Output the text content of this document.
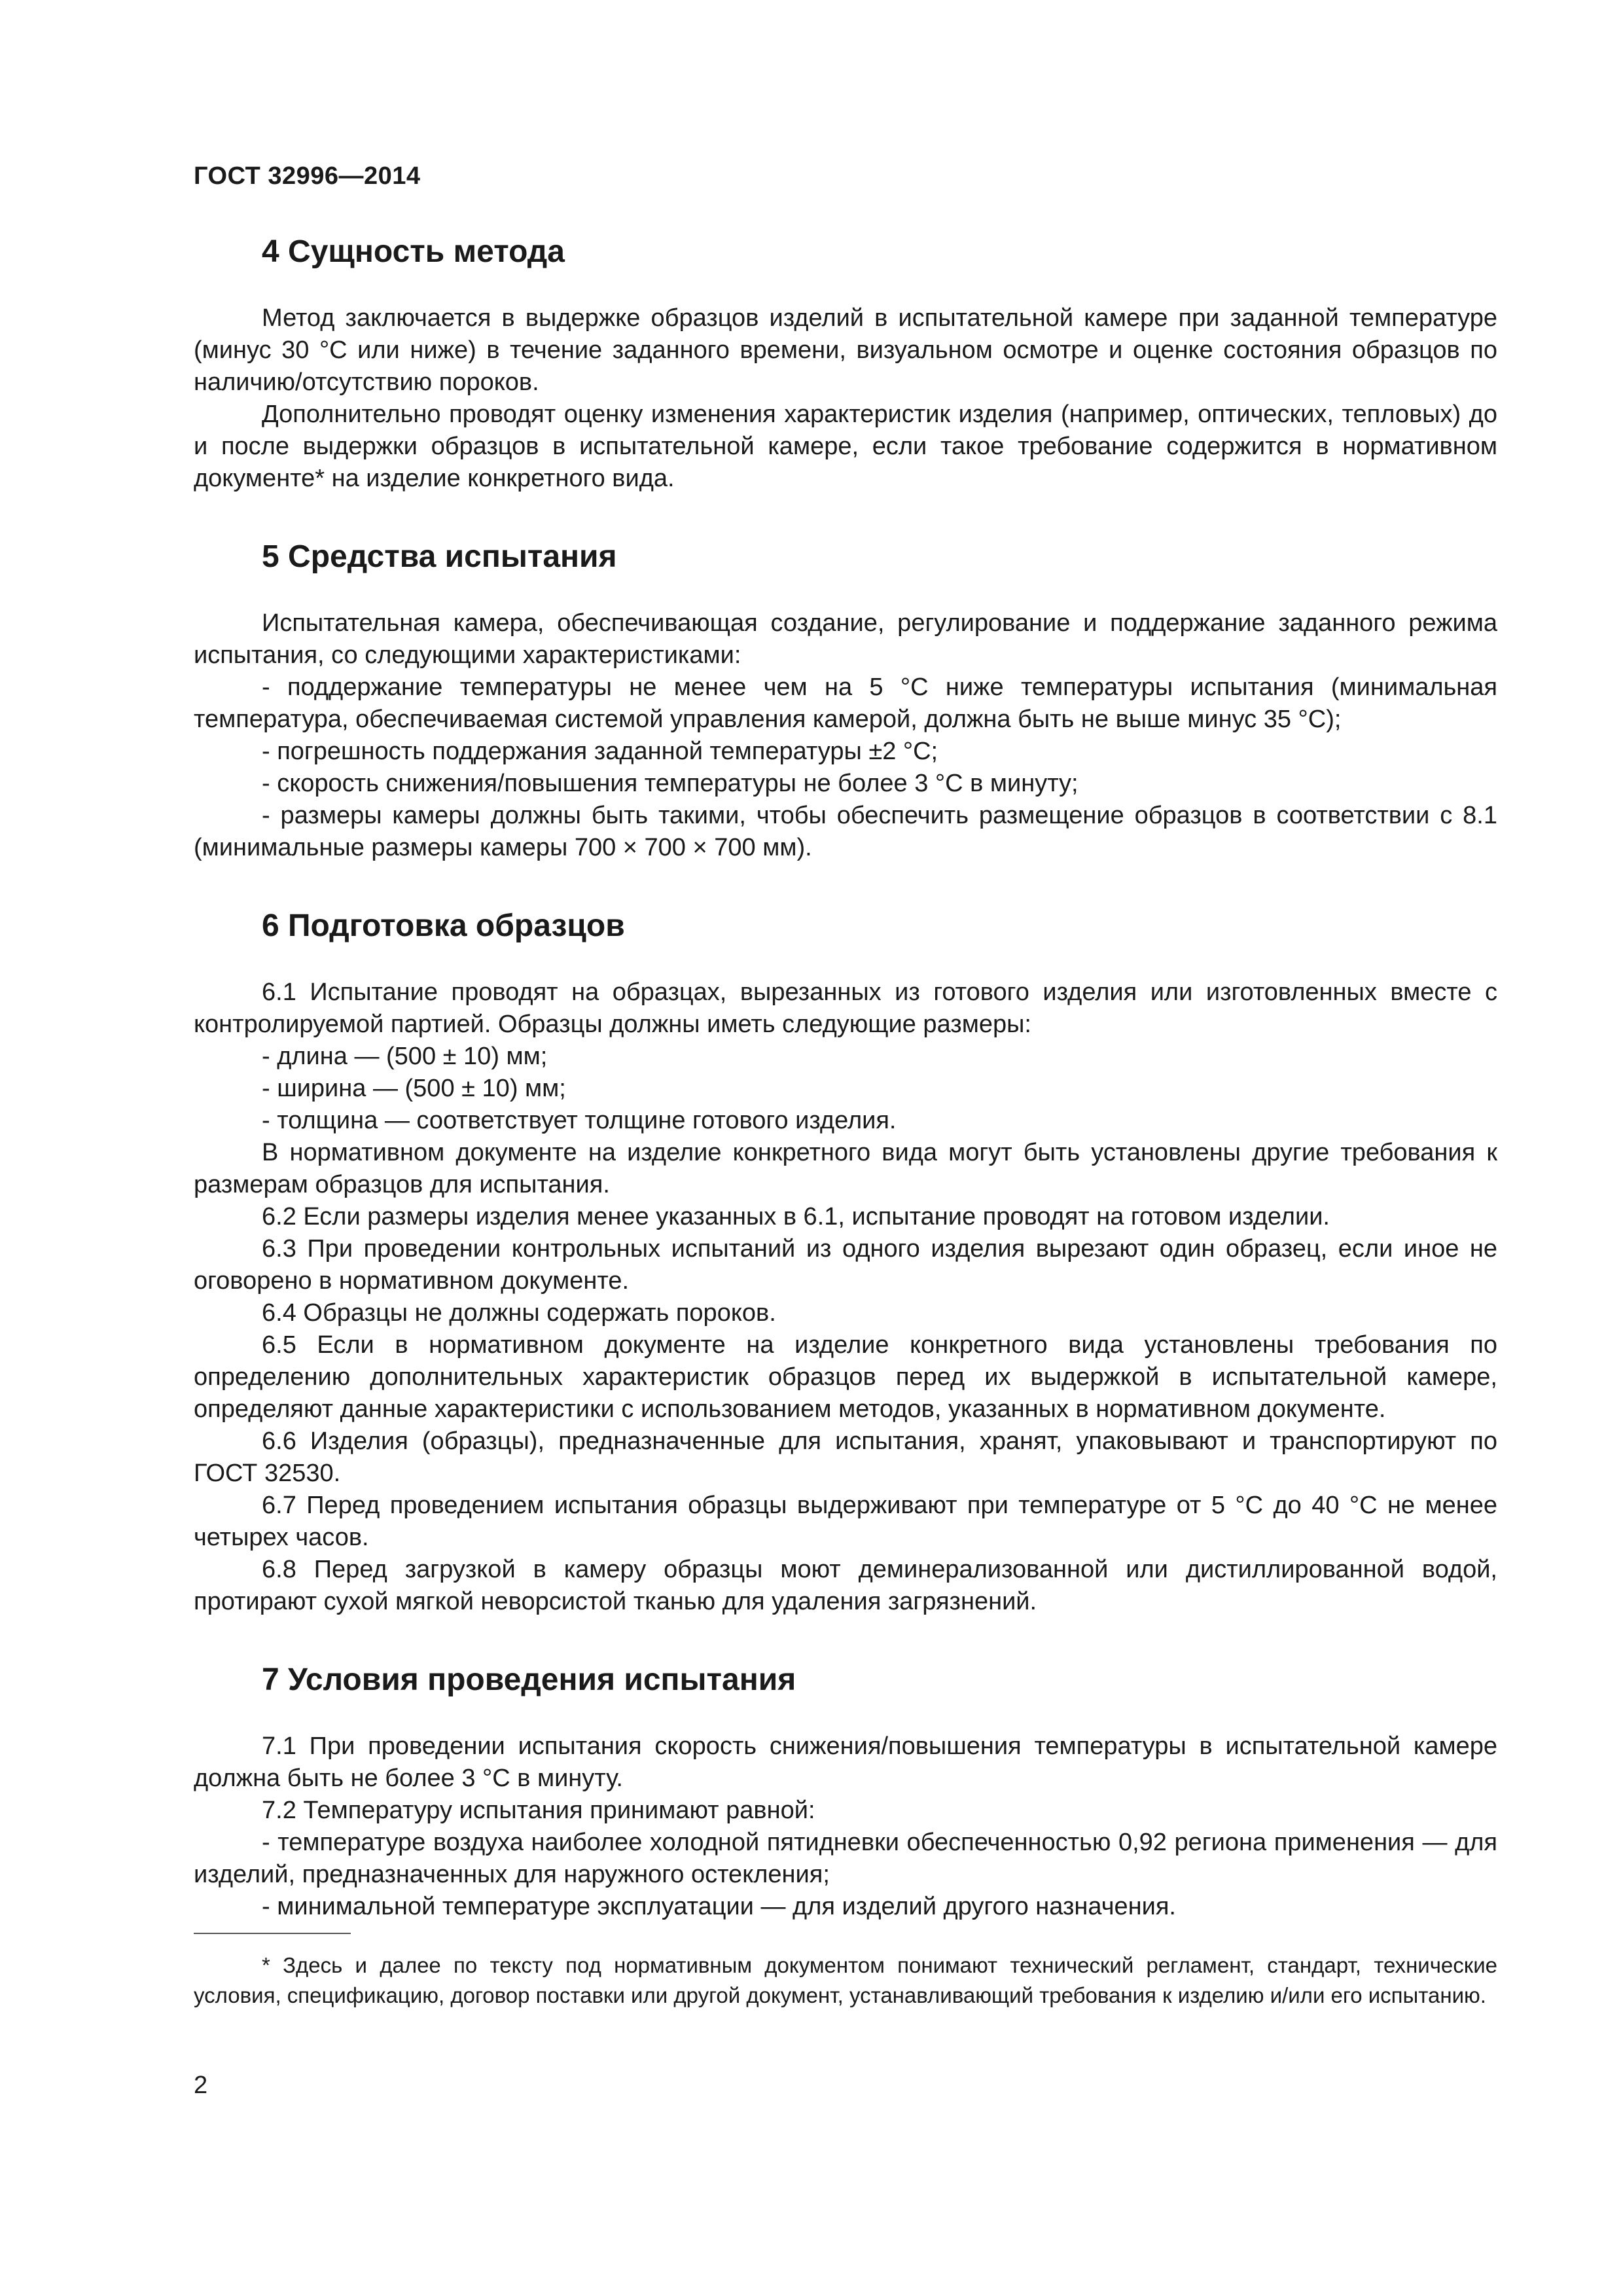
ГОСТ 32996—2014
4 Сущность метода

Метод заключается в выдержке образцов изделий в испытательной камере при заданной температуре (минус 30 °С или ниже) в течение заданного времени, визуальном осмотре и оценке состояния образцов по наличию/отсутствию пороков.

Дополнительно проводят оценку изменения характеристик изделия (например, оптических, тепловых) до и после выдержки образцов в испытательной камере, если такое требование содержится в нормативном документе* на изделие конкретного вида.

5 Средства испытания

Испытательная камера, обеспечивающая создание, регулирование и поддержание заданного режима испытания, со следующими характеристиками:

- поддержание температуры не менее чем на 5 °С ниже температуры испытания (минимальная температура, обеспечиваемая системой управления камерой, должна быть не выше минус 35 °С);

- погрешность поддержания заданной температуры ±2 °С;

- скорость снижения/повышения температуры не более 3 °С в минуту;

- размеры камеры должны быть такими, чтобы обеспечить размещение образцов в соответствии с 8.1 (минимальные размеры камеры 700 × 700 × 700 мм).

6 Подготовка образцов

6.1 Испытание проводят на образцах, вырезанных из готового изделия или изготовленных вместе с контролируемой партией. Образцы должны иметь следующие размеры:

- длина — (500 ± 10) мм;

- ширина — (500 ± 10) мм;

- толщина — соответствует толщине готового изделия.

В нормативном документе на изделие конкретного вида могут быть установлены другие требования к размерам образцов для испытания.

6.2 Если размеры изделия менее указанных в 6.1, испытание проводят на готовом изделии.

6.3 При проведении контрольных испытаний из одного изделия вырезают один образец, если иное не оговорено в нормативном документе.

6.4 Образцы не должны содержать пороков.

6.5 Если в нормативном документе на изделие конкретного вида установлены требования по определению дополнительных характеристик образцов перед их выдержкой в испытательной камере, определяют данные характеристики с использованием методов, указанных в нормативном документе.

6.6 Изделия (образцы), предназначенные для испытания, хранят, упаковывают и транспортируют по ГОСТ 32530.

6.7 Перед проведением испытания образцы выдерживают при температуре от 5 °С до 40 °С не менее четырех часов.

6.8 Перед загрузкой в камеру образцы моют деминерализованной или дистиллированной водой, протирают сухой мягкой неворсистой тканью для удаления загрязнений.

7 Условия проведения испытания

7.1 При проведении испытания скорость снижения/повышения температуры в испытательной камере должна быть не более 3 °С в минуту.

7.2 Температуру испытания принимают равной:

- температуре воздуха наиболее холодной пятидневки обеспеченностью 0,92 региона применения — для изделий, предназначенных для наружного остекления;

- минимальной температуре эксплуатации — для изделий другого назначения.

* Здесь и далее по тексту под нормативным документом понимают технический регламент, стандарт, технические условия, спецификацию, договор поставки или другой документ, устанавливающий требования к изделию и/или его испытанию.

2
